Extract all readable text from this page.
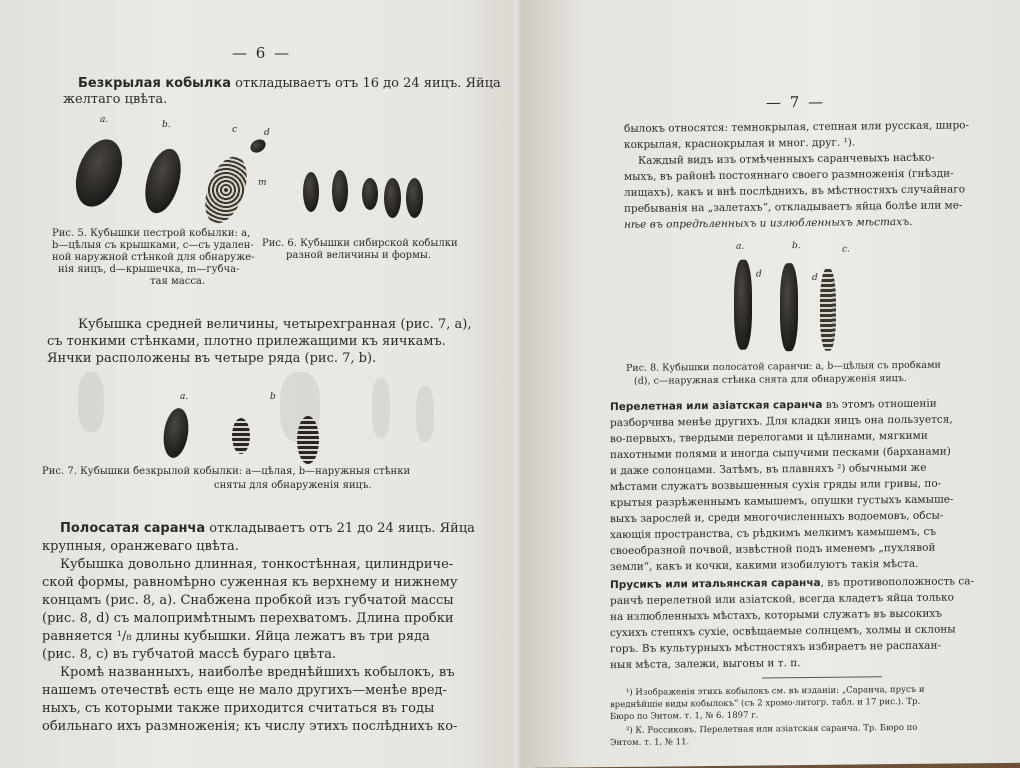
— 6 —
Безкрылая кобылка откладываетъ отъ 16 до 24 яицъ. Яйца
желтаго цвѣта.
a.	b.	c	d
m
Рис. 5. Кубышки пестрой кобылки: a,
b—цѣлыя съ крышками, c—съ удален-
ной наружной стѣнкой для обнаруже-
нія яицъ, d—крышечка, m—губча-
тая масса.
Рис. 6. Кубышки сибирской кобылки
разной величины и формы.
Кубышка средней величины, четырехгранная (рис. 7, a),
съ тонкими стѣнками, плотно прилежащими къ яичкамъ.
Янчки расположены въ четыре ряда (рис. 7, b).
a.	b
Рис. 7. Кубышки безкрылой кобылки: a—цѣлая, b—наружныя стѣнки
сняты для обнаруженія яицъ.
Полосатая саранча откладываетъ отъ 21 до 24 яицъ. Яйца
крупныя, оранжеваго цвѣта.
Кубышка довольно длинная, тонкостѣнная, цилиндриче-
ской формы, равномѣрно суженная къ верхнему и нижнему
концамъ (рис. 8, a). Снабжена пробкой изъ губчатой массы
(рис. 8, d) съ малопримѣтнымъ перехватомъ. Длина пробки
равняется ¹/₈ длины кубышки. Яйца лежатъ въ три ряда
(рис. 8, c) въ губчатой массѣ бураго цвѣта.
Кромѣ названныхъ, наиболѣе вреднѣйшихъ кобылокъ, въ
нашемъ отечествѣ есть еще не мало другихъ—менѣе вред-
ныхъ, съ которыми также приходится считаться въ годы
обильнаго ихъ размноженія; къ числу этихъ послѣднихъ ко-
— 7 —
былокъ относятся: темнокрылая, степная или русская, широ-
кокрылая, краснокрылая и мног. друг. ¹).
Каждый видъ изъ отмѣченныхъ саранчевыхъ насѣко-
мыхъ, въ районѣ постояннаго своего размноженія (гнѣзди-
лищахъ), какъ и внѣ послѣднихъ, въ мѣстностяхъ случайнаго
пребыванія на „залетахъ“, откладываетъ яйца болѣе или ме-
нѣе въ опредѣленныхъ и излюбленныхъ мѣстахъ.
a.	b.	c.
d	d
Рис. 8. Кубышки полосатой саранчи: a, b—цѣлыя съ пробками
(d), c—наружная стѣнка снята для обнаруженія яицъ.
Перелетная или азіатская саранча въ этомъ отношеніи
разборчива менѣе другихъ. Для кладки яицъ она пользуется,
во-первыхъ, твердыми перелогами и цѣлинами, мягкими
пахотными полями и иногда сыпучими песками (барханами)
и даже солонцами. Затѣмъ, въ плавняхъ ²) обычными же
мѣстами служатъ возвышенныя сухія гряды или гривы, по-
крытыя разрѣженнымъ камышемъ, опушки густыхъ камыше-
выхъ зарослей и, среди многочисленныхъ водоемовъ, обсы-
хающія пространства, съ рѣдкимъ мелкимъ камышемъ, съ
своеобразной почвой, извѣстной подъ именемъ „пухлявой
земли“, какъ и кочки, какими изобилуютъ такія мѣста.
Прусикъ или итальянская саранча, въ противоположность са-
ранчѣ перелетной или азіатской, всегда кладетъ яйца только
на излюбленныхъ мѣстахъ, которыми служатъ въ высокихъ
сухихъ степяхъ сухіе, освѣщаемые солнцемъ, холмы и склоны
горъ. Въ культурныхъ мѣстностяхъ избираетъ не распахан-
ныя мѣста, залежи, выгоны и т. п.
¹) Изображенія этихъ кобылокъ см. въ изданіи: „Саранча, прусъ и
вреднѣйшіе виды кобылокъ“ (съ 2 хромо-литогр. табл. и 17 рис.). Тр.
Бюро по Энтом. т. 1, № 6. 1897 г.
²) К. Россиковъ. Перелетная или азіатская саранча. Тр. Бюро по
Энтом. т. 1, № 11.
